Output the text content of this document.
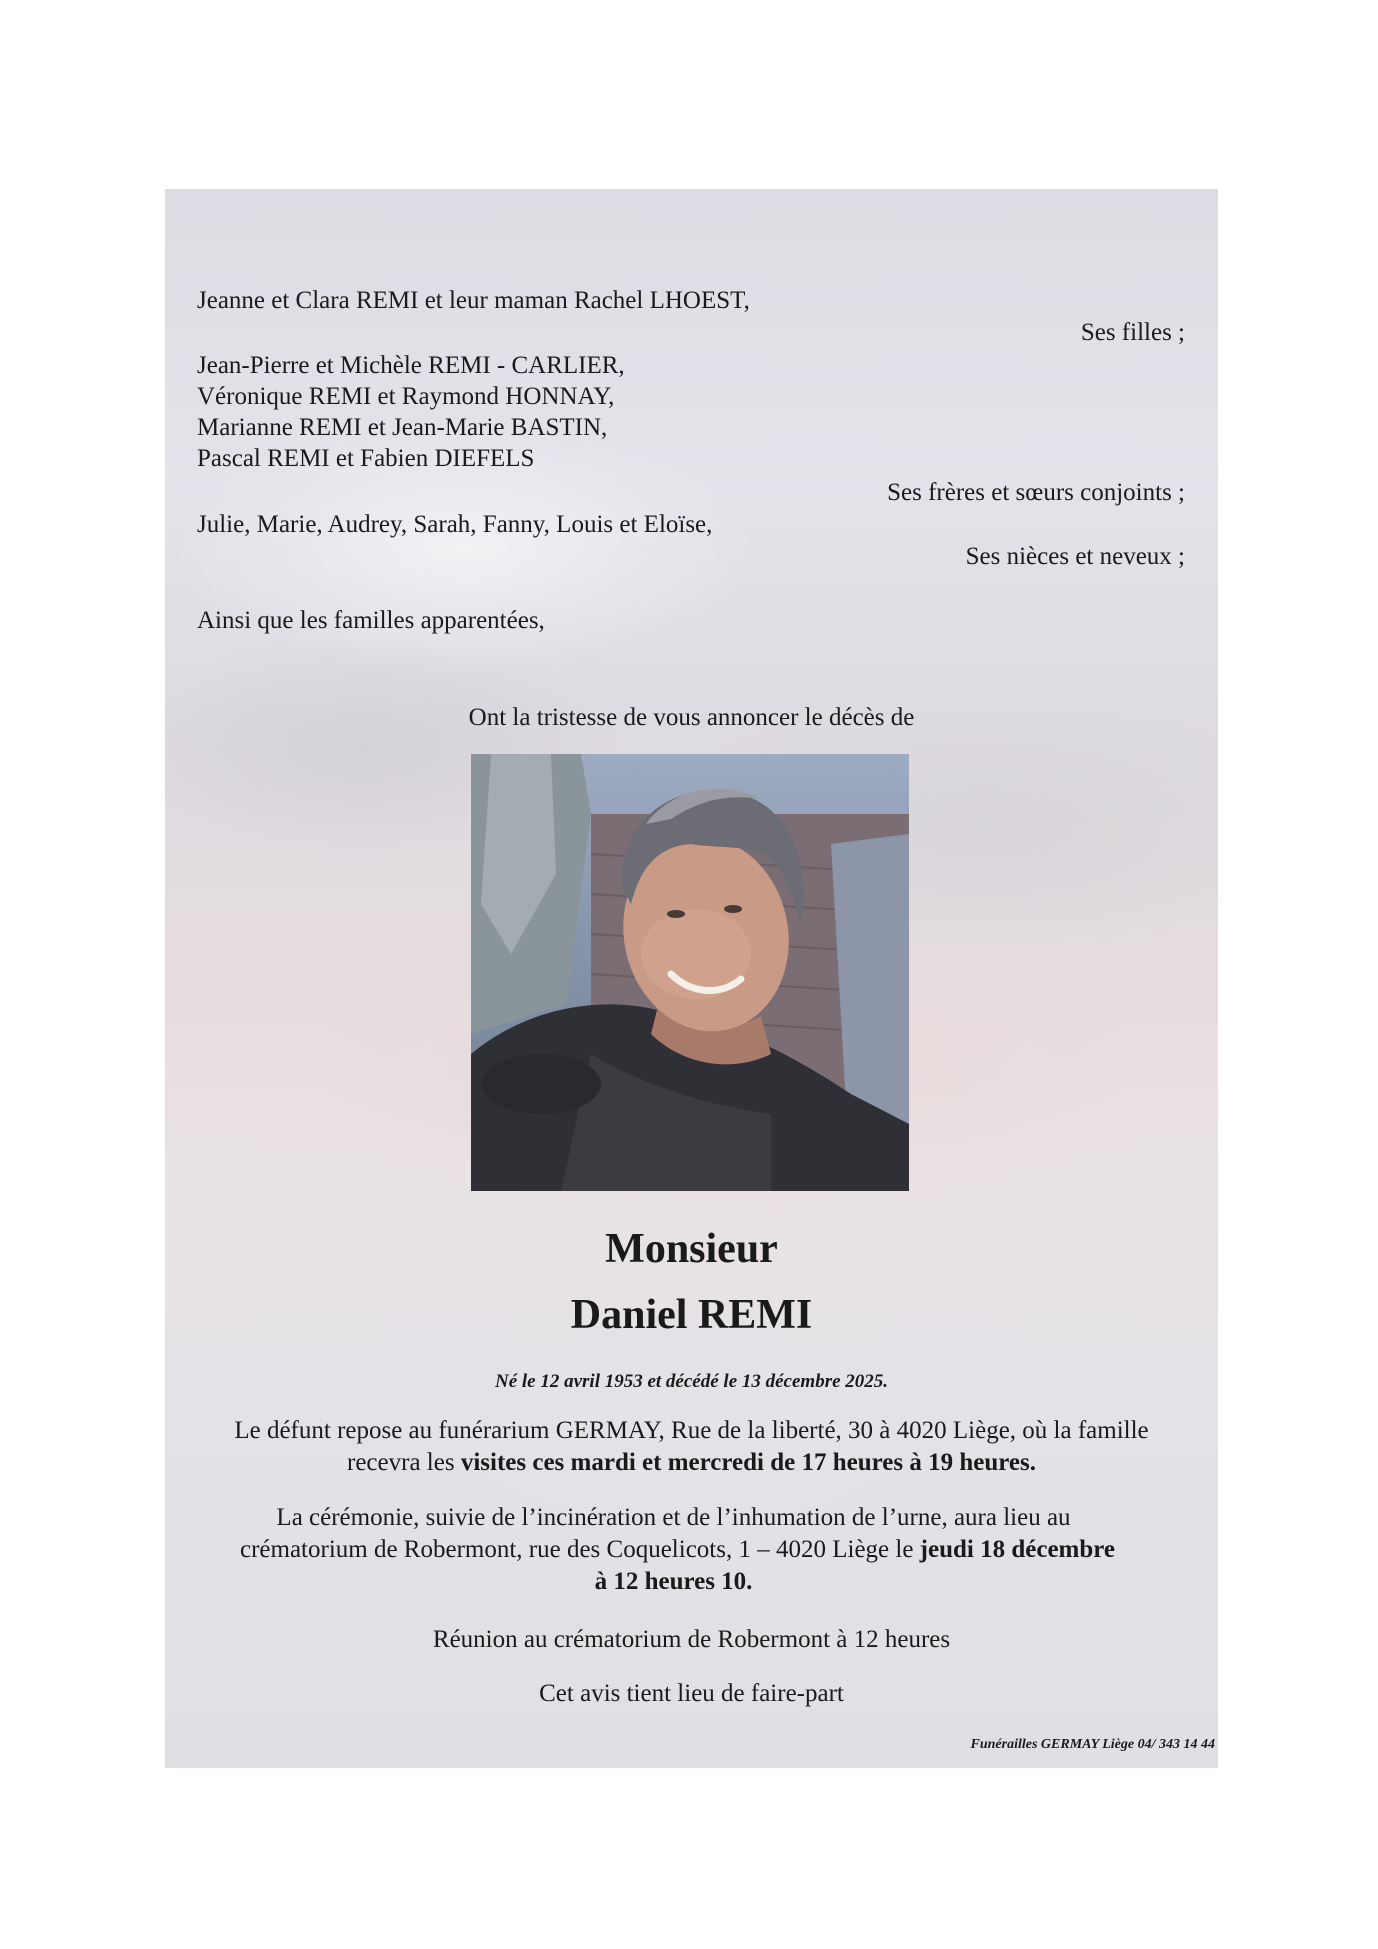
Jeanne et Clara REMI et leur maman Rachel LHOEST,
Ses filles ;
Jean-Pierre et Michèle REMI - CARLIER,
Véronique REMI et Raymond HONNAY,
Marianne REMI et Jean-Marie BASTIN,
Pascal REMI et Fabien DIEFELS
Ses frères et sœurs conjoints ;
Julie, Marie, Audrey, Sarah, Fanny, Louis et Eloïse,
Ses nièces et neveux ;
Ainsi que les familles apparentées,
Ont la tristesse de vous annoncer le décès de
Monsieur
Daniel REMI
Né le 12 avril 1953 et décédé le 13 décembre 2025.
Le défunt repose au funérarium GERMAY, Rue de la liberté, 30 à 4020 Liège, où la famille
recevra les visites ces mardi et mercredi de 17 heures à 19 heures.
La cérémonie, suivie de l’incinération et de l’inhumation de l’urne, aura lieu au
crématorium de Robermont, rue des Coquelicots, 1 – 4020 Liège le jeudi 18 décembre
à 12 heures 10.
Réunion au crématorium de Robermont à 12 heures
Cet avis tient lieu de faire-part
Funérailles GERMAY Liège 04/ 343 14 44
